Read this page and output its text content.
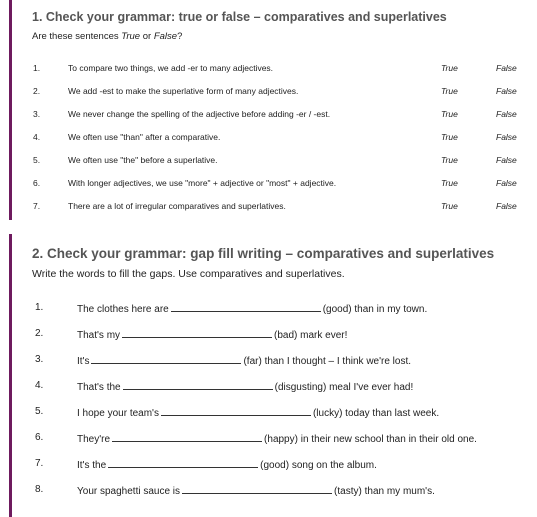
1. Check your grammar: true or false – comparatives and superlatives
Are these sentences True or False?
1.	To compare two things, we add -er to many adjectives.	True	False
2.	We add -est to make the superlative form of many adjectives.	True	False
3.	We never change the spelling of the adjective before adding -er / -est.	True	False
4.	We often use "than" after a comparative.	True	False
5.	We often use "the" before a superlative.	True	False
6.	With longer adjectives, we use "more" + adjective or "most" + adjective.	True	False
7.	There are a lot of irregular comparatives and superlatives.	True	False
2. Check your grammar: gap fill writing – comparatives and superlatives
Write the words to fill the gaps. Use comparatives and superlatives.
1.	The clothes here are	(good) than in my town.
2.	That's my	(bad) mark ever!
3.	It's	(far) than I thought – I think we're lost.
4.	That's the	(disgusting) meal I've ever had!
5.	I hope your team's	(lucky) today than last week.
6.	They're	(happy) in their new school than in their old one.
7.	It's the	(good) song on the album.
8.	Your spaghetti sauce is	(tasty) than my mum's.
